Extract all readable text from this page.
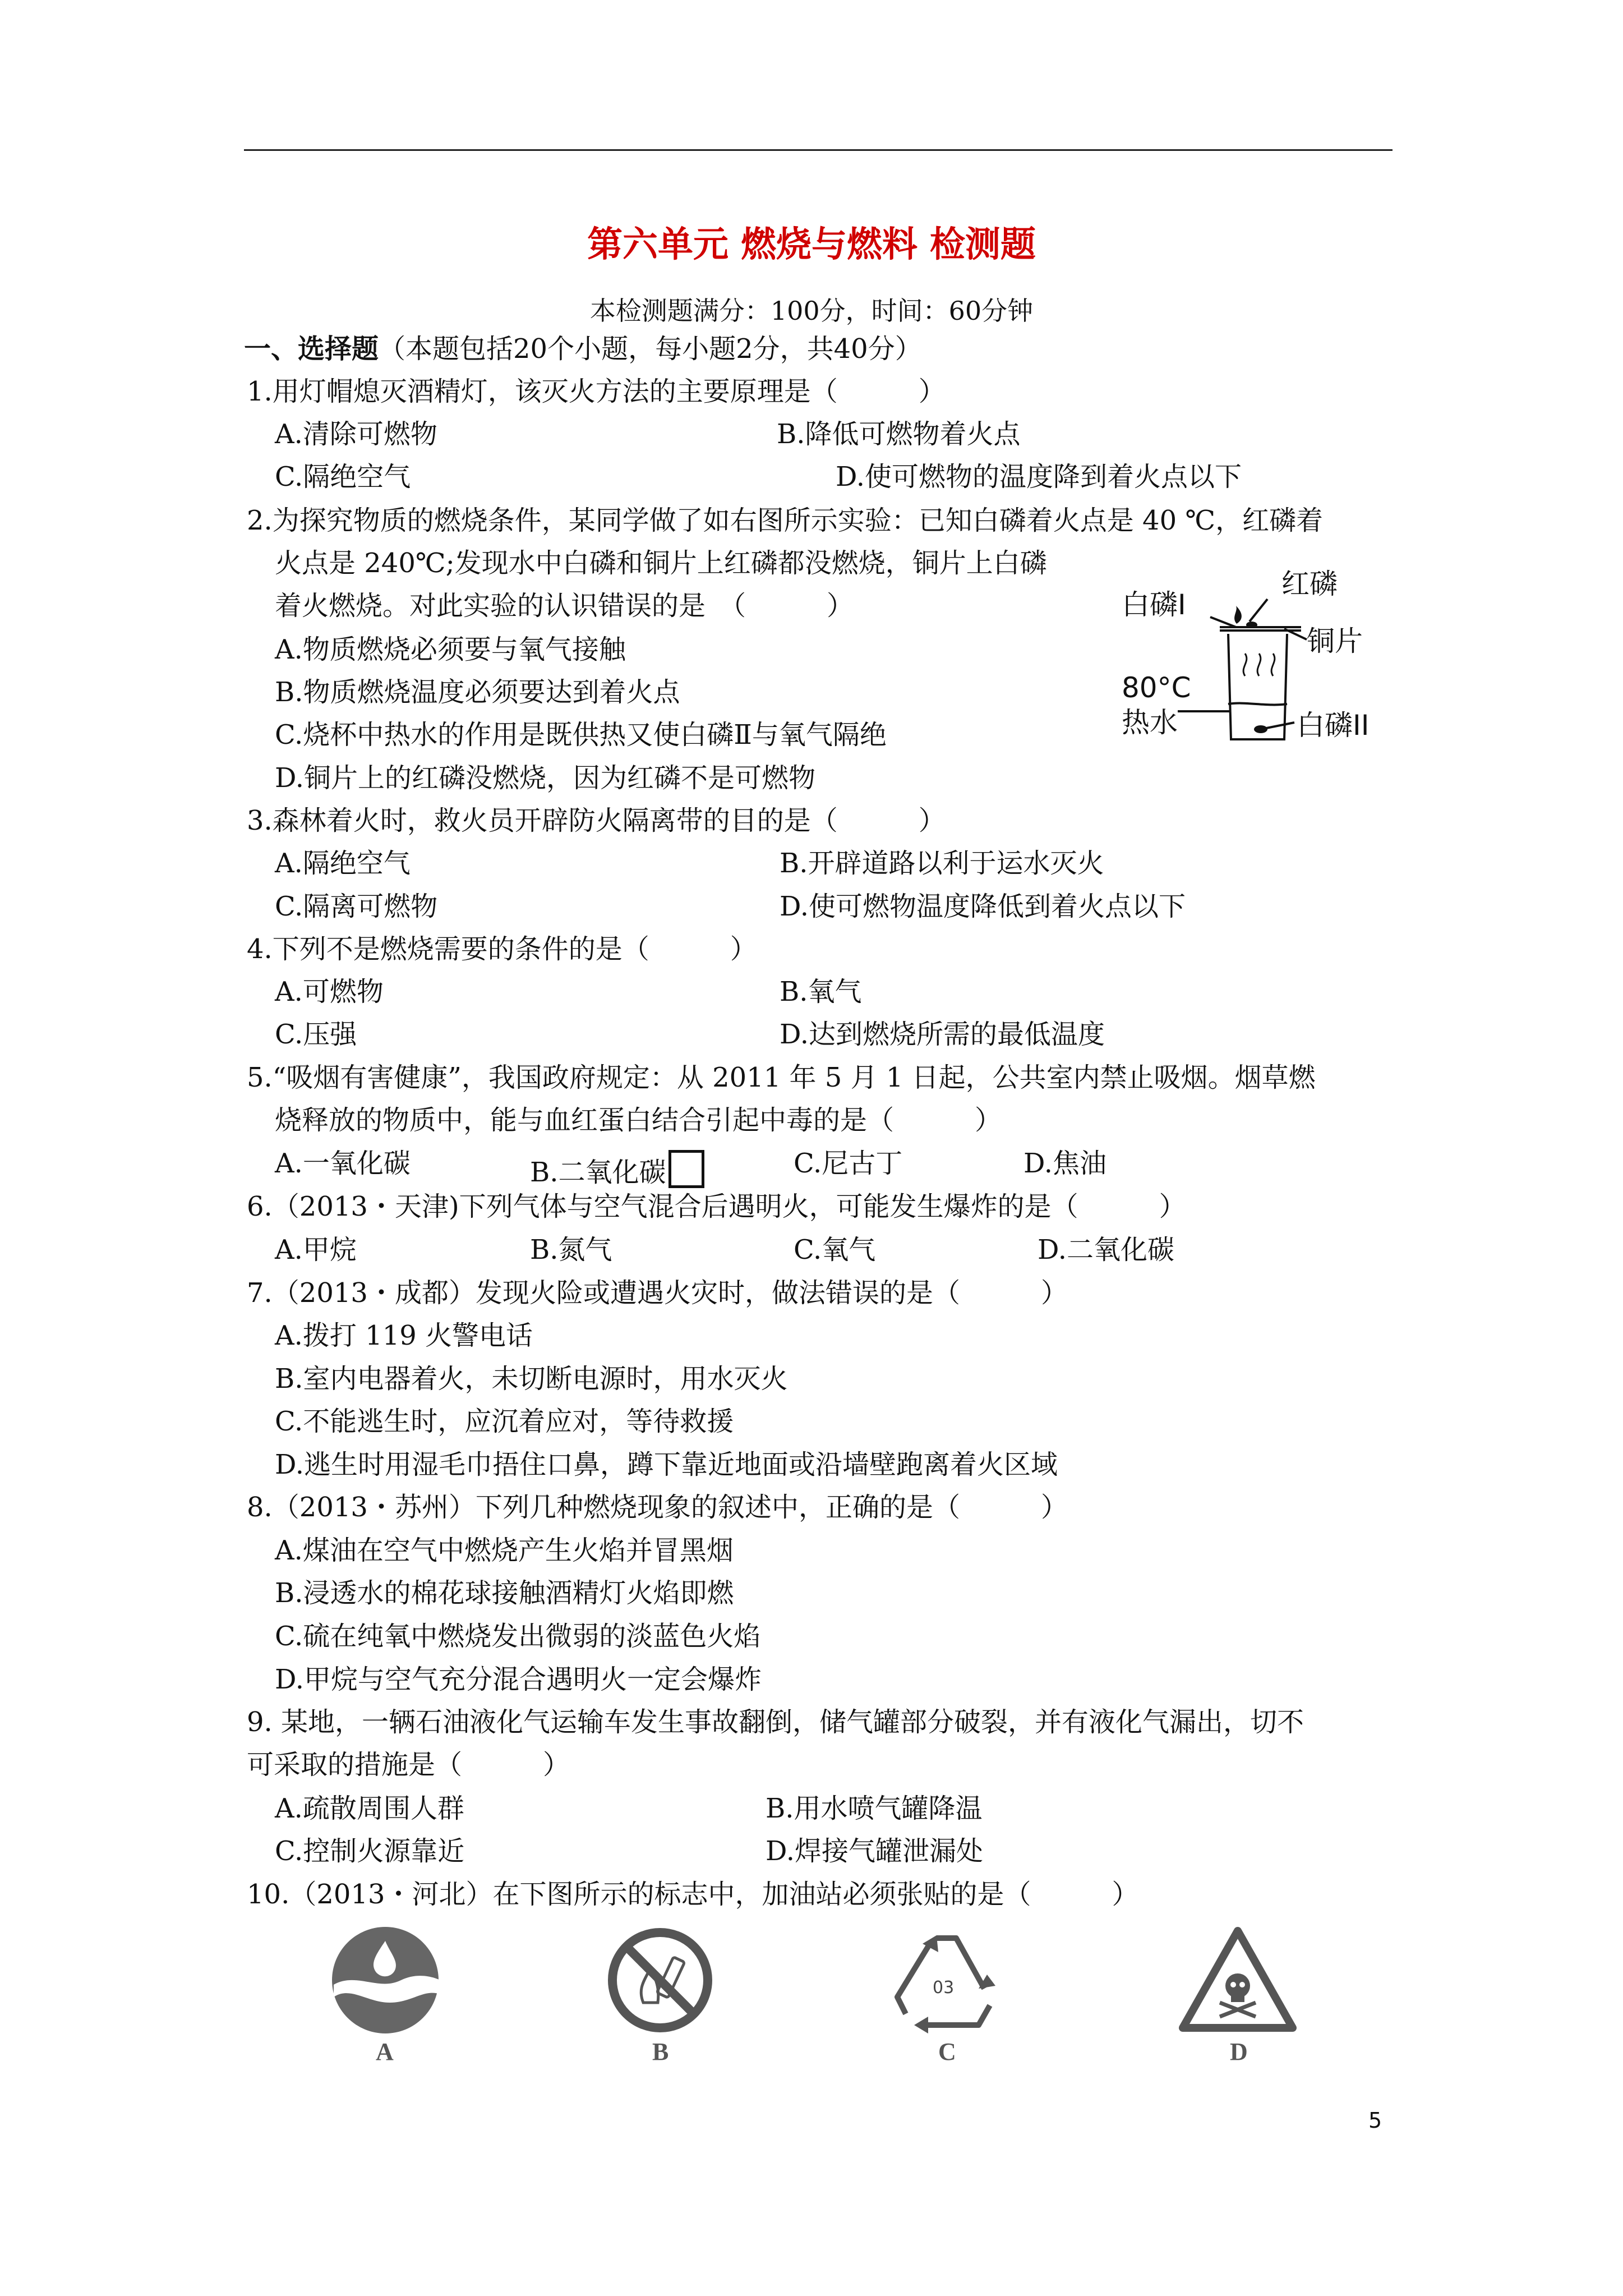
第六单元 燃烧与燃料 检测题
本检测题满分：100分，时间：60分钟
一、选择题（本题包括20个小题，每小题2分，共40分）
1.用灯帽熄灭酒精灯，该灭火方法的主要原理是（　　　）
A.清除可燃物	B.降低可燃物着火点
C.隔绝空气	D.使可燃物的温度降到着火点以下
2.为探究物质的燃烧条件，某同学做了如右图所示实验：已知白磷着火点是 40 ℃，红磷着
火点是 240℃;发现水中白磷和铜片上红磷都没燃烧，铜片上白磷
着火燃烧。对此实验的认识错误的是　（　　　）
A.物质燃烧必须要与氧气接触
B.物质燃烧温度必须要达到着火点
C.烧杯中热水的作用是既供热又使白磷Ⅱ与氧气隔绝
D.铜片上的红磷没燃烧，因为红磷不是可燃物
白磷Ⅰ
红磷
铜片
80°C
热水	白磷II
3.森林着火时，救火员开辟防火隔离带的目的是（　　　）
A.隔绝空气	B.开辟道路以利于运水灭火
C.隔离可燃物	D.使可燃物温度降低到着火点以下
4.下列不是燃烧需要的条件的是（　　　）
A.可燃物	B.氧气
C.压强	D.达到燃烧所需的最低温度
5.“吸烟有害健康”，我国政府规定：从 2011 年 5 月 1 日起，公共室内禁止吸烟。烟草燃
烧释放的物质中，能与血红蛋白结合引起中毒的是（　　　）
A.一氧化碳	B.二氧化碳	C.尼古丁	D.焦油
6.（2013・天津)下列气体与空气混合后遇明火，可能发生爆炸的是（　　　）
A.甲烷	B.氮气	C.氧气	D.二氧化碳
7.（2013・成都）发现火险或遭遇火灾时，做法错误的是（　　　）
A.拨打 119 火警电话
B.室内电器着火，未切断电源时，用水灭火
C.不能逃生时，应沉着应对，等待救援
D.逃生时用湿毛巾捂住口鼻，蹲下靠近地面或沿墙壁跑离着火区域
8.（2013・苏州）下列几种燃烧现象的叙述中，正确的是（　　　）
A.煤油在空气中燃烧产生火焰并冒黑烟
B.浸透水的棉花球接触酒精灯火焰即燃
C.硫在纯氧中燃烧发出微弱的淡蓝色火焰
D.甲烷与空气充分混合遇明火一定会爆炸
9. 某地，一辆石油液化气运输车发生事故翻倒，储气罐部分破裂，并有液化气漏出，切不
可采取的措施是（　　　）
A.疏散周围人群	B.用水喷气罐降温
C.控制火源靠近	D.焊接气罐泄漏处
10.（2013・河北）在下图所示的标志中，加油站必须张贴的是（　　　）
A	B
03
C	D
5
